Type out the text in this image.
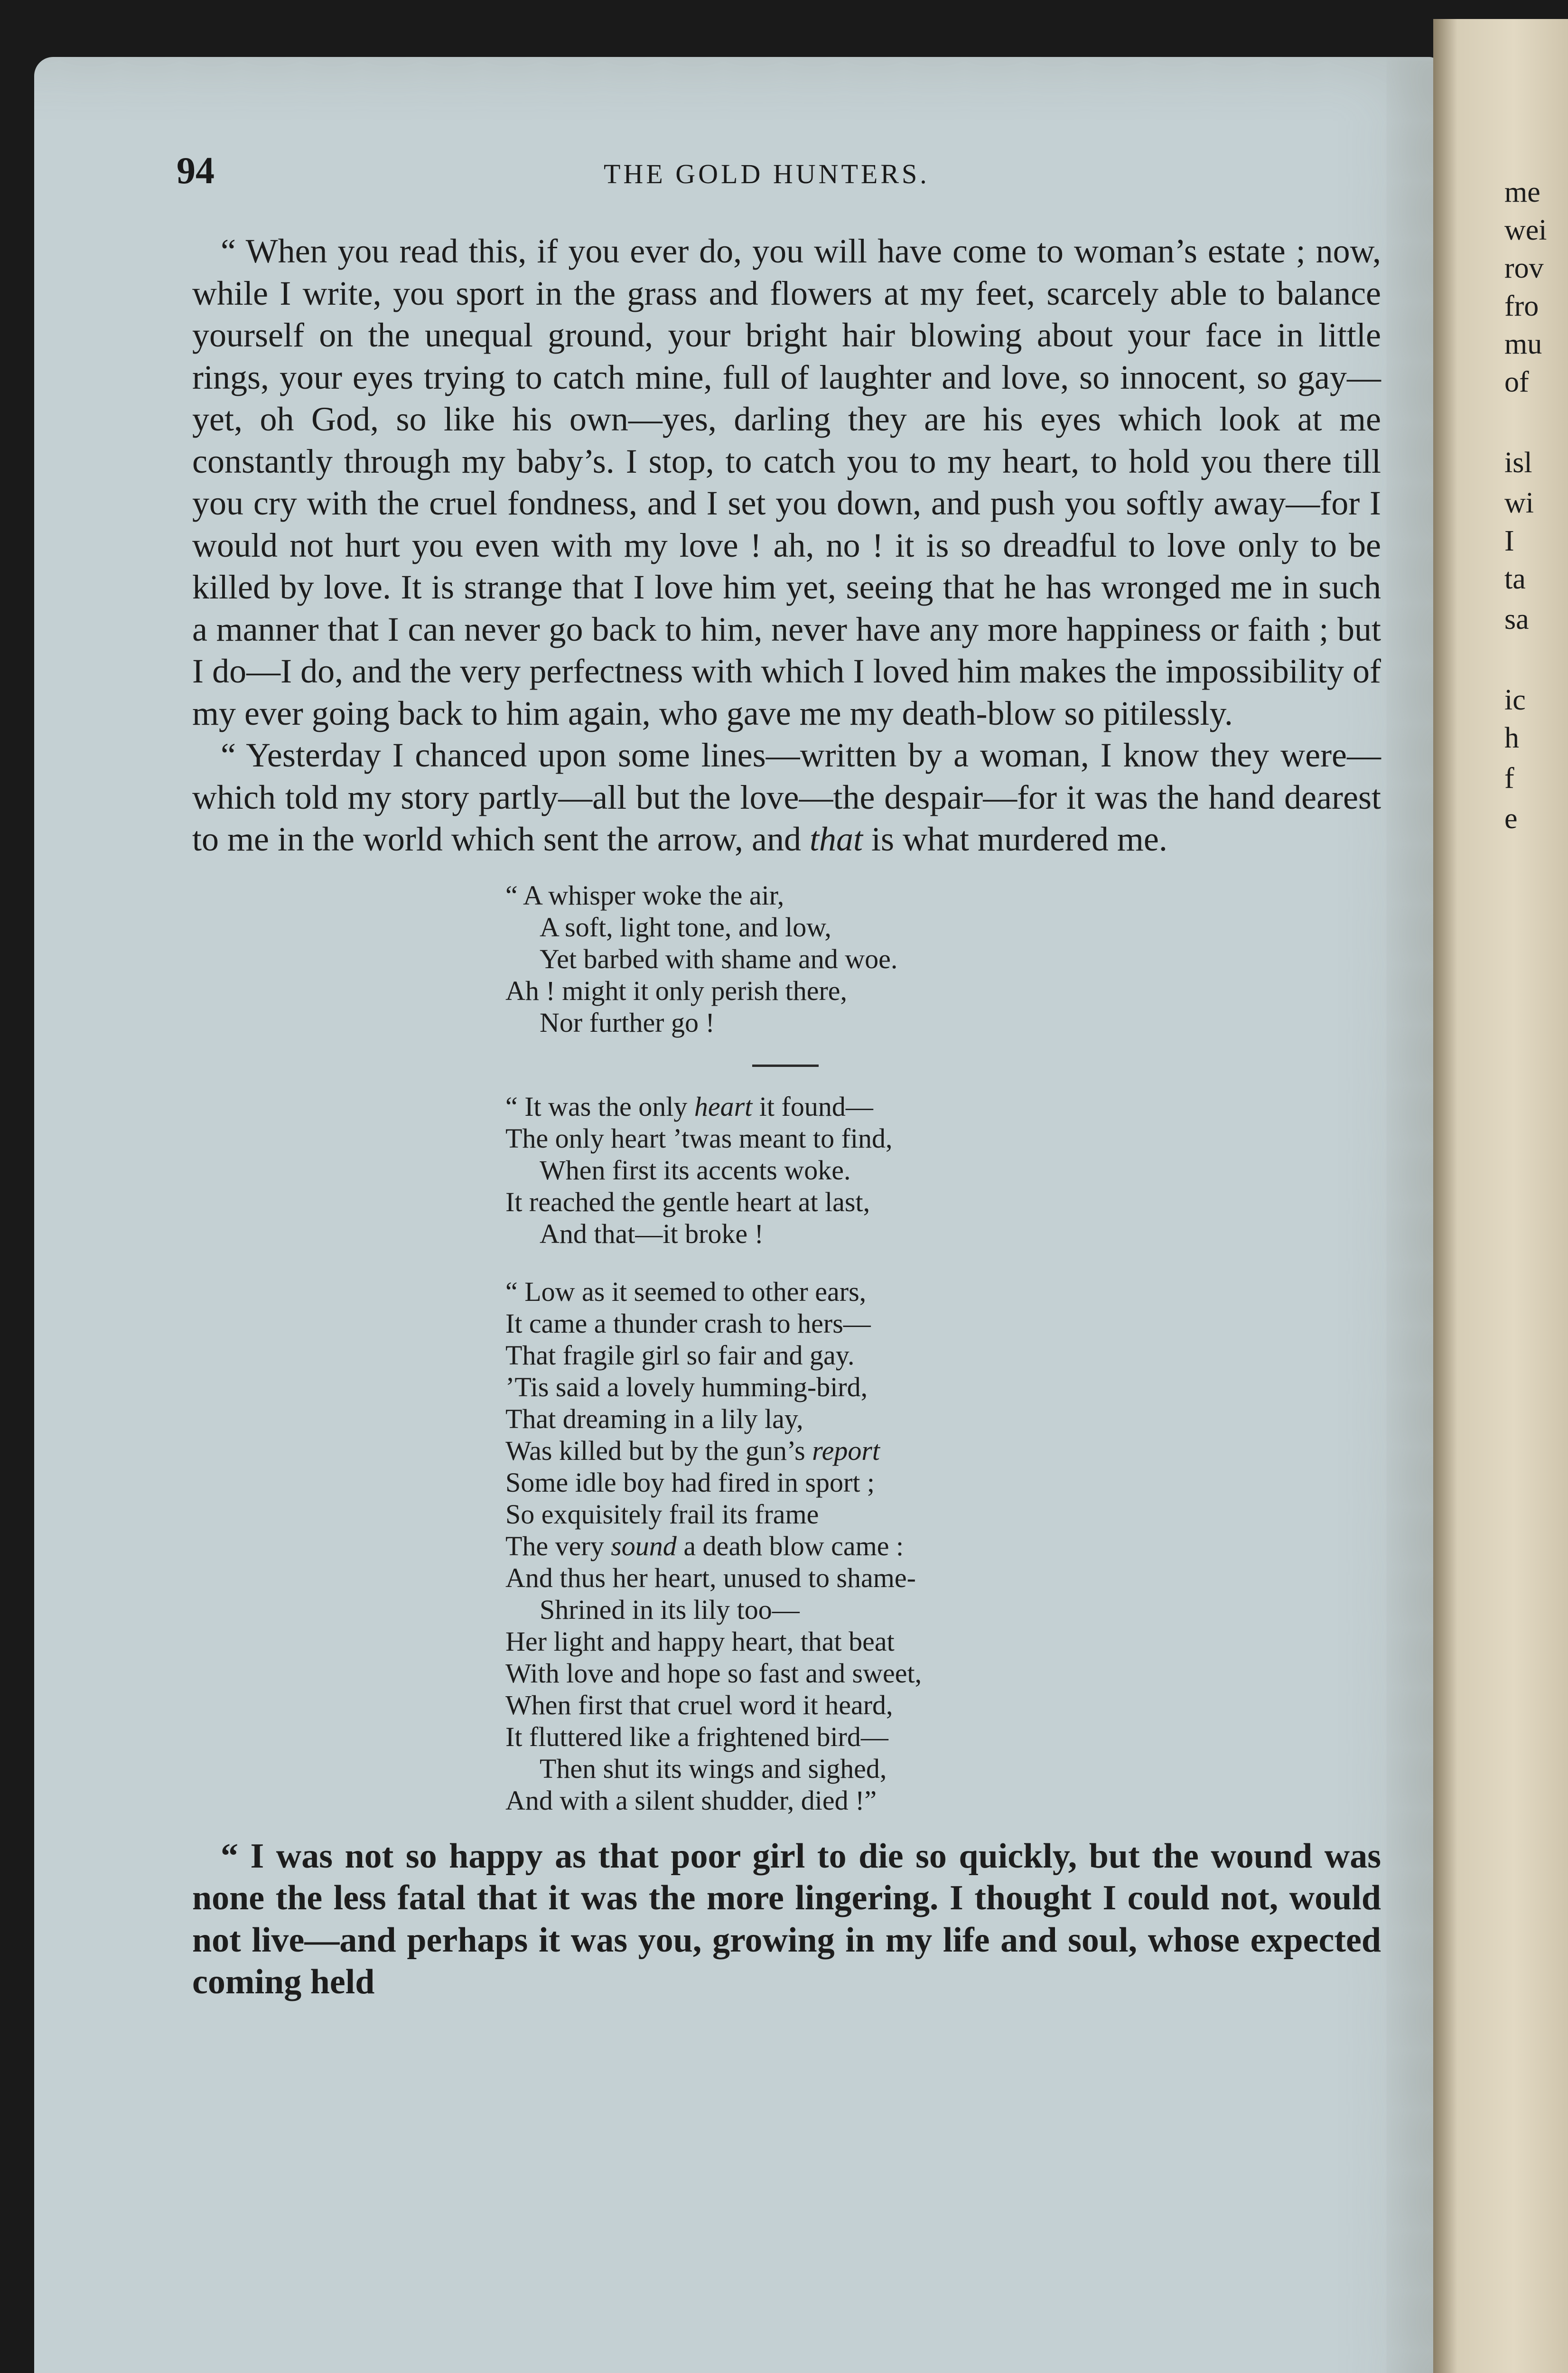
94	THE GOLD HUNTERS.

“ When you read this, if you ever do, you will have come to woman’s estate ; now, while I write, you sport in the grass and flowers at my feet, scarcely able to balance yourself on the unequal ground, your bright hair blowing about your face in little rings, your eyes trying to catch mine, full of laughter and love, so innocent, so gay—yet, oh God, so like his own—yes, darling they are his eyes which look at me constantly through my baby’s. I stop, to catch you to my heart, to hold you there till you cry with the cruel fondness, and I set you down, and push you softly away—for I would not hurt you even with my love ! ah, no ! it is so dreadful to love only to be killed by love. It is strange that I love him yet, seeing that he has wronged me in such a manner that I can never go back to him, never have any more happiness or faith ; but I do—I do, and the very perfectness with which I loved him makes the impossibility of my ever going back to him again, who gave me my death-blow so pitilessly.

“ Yesterday I chanced upon some lines—written by a woman, I know they were—which told my story partly—all but the love—the despair—for it was the hand dearest to me in the world which sent the arrow, and that is what murdered me.

“ A whisper woke the air,
A soft, light tone, and low,
Yet barbed with shame and woe.
Ah ! might it only perish there,
Nor further go !
“ It was the only heart it found—
The only heart ’twas meant to find,
When first its accents woke.
It reached the gentle heart at last,
And that—it broke !
“ Low as it seemed to other ears,
It came a thunder crash to hers—
That fragile girl so fair and gay.
’Tis said a lovely humming-bird,
That dreaming in a lily lay,
Was killed but by the gun’s report
Some idle boy had fired in sport ;
So exquisitely frail its frame
The very sound a death blow came :
And thus her heart, unused to shame-
Shrined in its lily too—
Her light and happy heart, that beat
With love and hope so fast and sweet,
When first that cruel word it heard,
It fluttered like a frightened bird—
Then shut its wings and sighed,
And with a silent shudder, died !”

“ I was not so happy as that poor girl to die so quickly, but the wound was none the less fatal that it was the more lingering. I thought I could not, would not live—and perhaps it was you, growing in my life and soul, whose expected coming held

me
wei
rov
fro
mu
of
isl
wi
I
ta
sa
ic
h
f
e
